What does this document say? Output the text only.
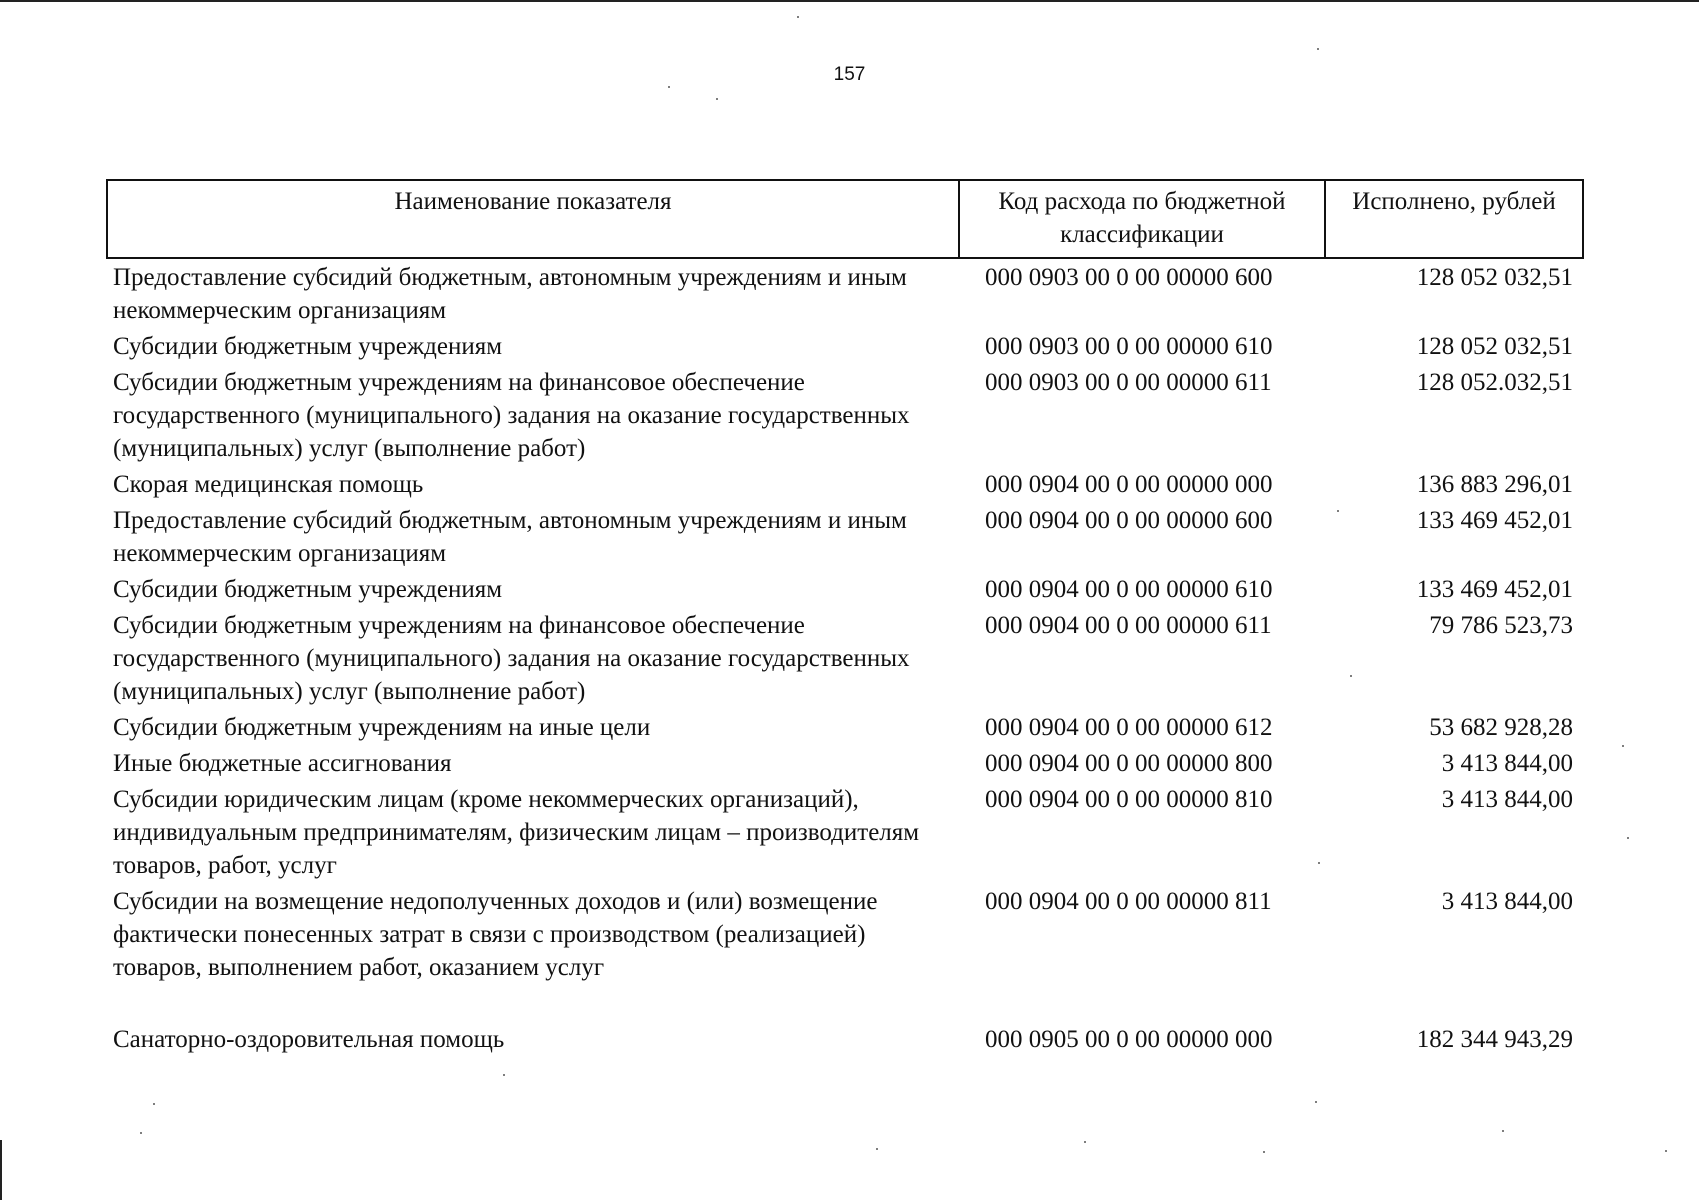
157
Наименование показателя	Код расхода по бюджетной классификации	Исполнено, рублей
Предоставление субсидий бюджетным, автономным учреждениям и иным некоммерческим организациям	000 0903 00 0 00 00000 600	128 052 032,51
Субсидии бюджетным учреждениям	000 0903 00 0 00 00000 610	128 052 032,51
Субсидии бюджетным учреждениям на финансовое обеспечение государственного (муниципального) задания на оказание государственных (муниципальных) услуг (выполнение работ)	000 0903 00 0 00 00000 611	128 052.032,51
Скорая медицинская помощь	000 0904 00 0 00 00000 000	136 883 296,01
Предоставление субсидий бюджетным, автономным учреждениям и иным некоммерческим организациям	000 0904 00 0 00 00000 600	133 469 452,01
Субсидии бюджетным учреждениям	000 0904 00 0 00 00000 610	133 469 452,01
Субсидии бюджетным учреждениям на финансовое обеспечение государственного (муниципального) задания на оказание государственных (муниципальных) услуг (выполнение работ)	000 0904 00 0 00 00000 611	79 786 523,73
Субсидии бюджетным учреждениям на иные цели	000 0904 00 0 00 00000 612	53 682 928,28
Иные бюджетные ассигнования	000 0904 00 0 00 00000 800	3 413 844,00
Субсидии юридическим лицам (кроме некоммерческих организаций), индивидуальным предпринимателям, физическим лицам – производителям товаров, работ, услуг	000 0904 00 0 00 00000 810	3 413 844,00
Субсидии на возмещение недополученных доходов и (или) возмещение фактически понесенных затрат в связи с производством (реализацией) товаров, выполнением работ, оказанием услуг	000 0904 00 0 00 00000 811	3 413 844,00
Санаторно-оздоровительная помощь	000 0905 00 0 00 00000 000	182 344 943,29
